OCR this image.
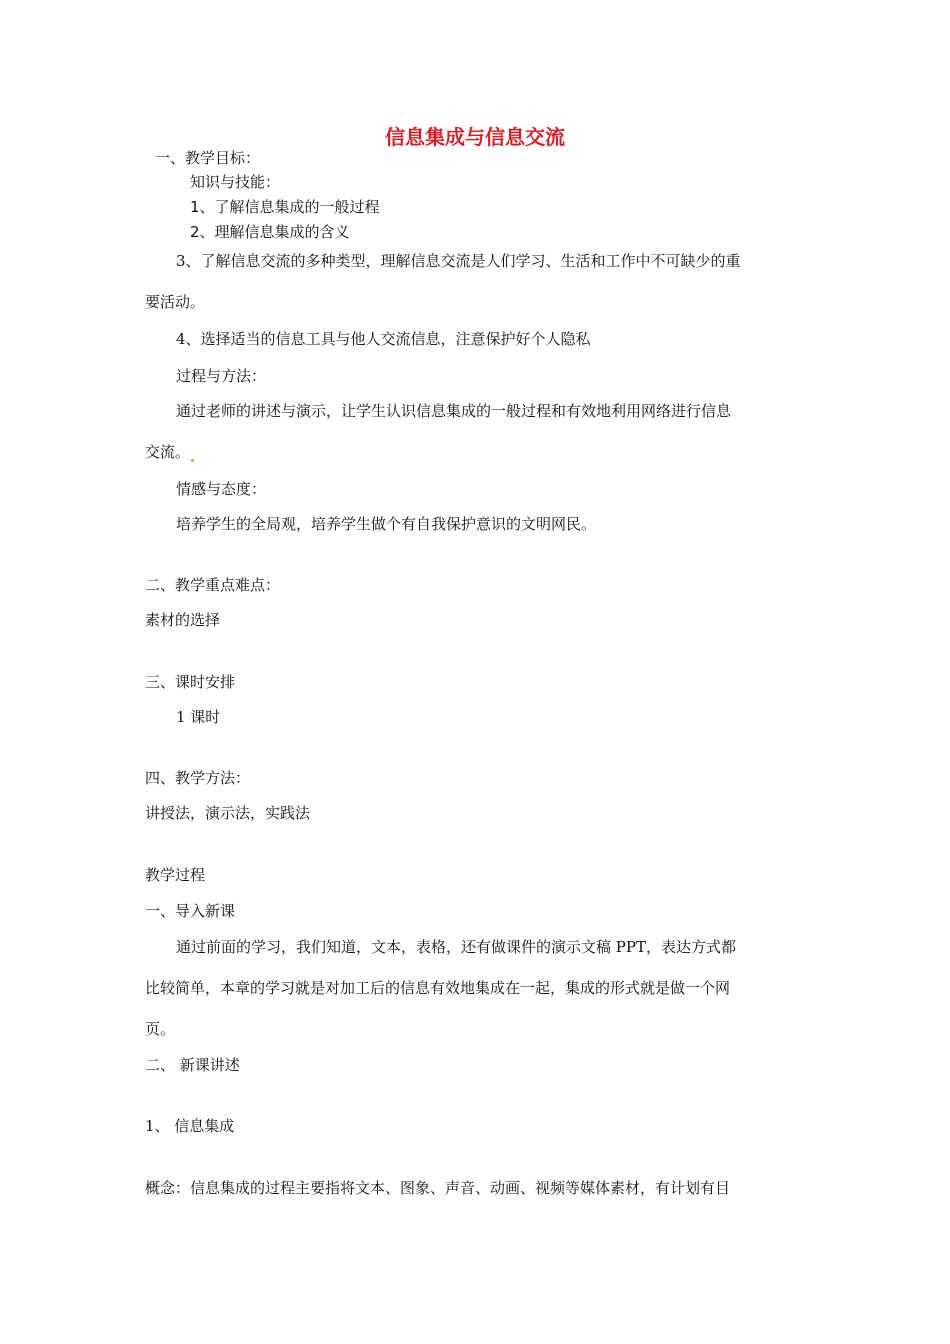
信息集成与信息交流
一、教学目标：
知识与技能：
1、了解信息集成的一般过程
2、理解信息集成的含义
3、了解信息交流的多种类型，理解信息交流是人们学习、生活和工作中不可缺少的重
要活动。
4、选择适当的信息工具与他人交流信息，注意保护好个人隐私
过程与方法：
通过老师的讲述与演示，让学生认识信息集成的一般过程和有效地利用网络进行信息
交流。
情感与态度：
培养学生的全局观，培养学生做个有自我保护意识的文明网民。
二、教学重点难点：
素材的选择
三、课时安排
1 课时
四、教学方法：
讲授法，演示法，实践法
教学过程
一、导入新课
通过前面的学习，我们知道，文本，表格，还有做课件的演示文稿 PPT，表达方式都
比较简单，本章的学习就是对加工后的信息有效地集成在一起，集成的形式就是做一个网
页。
二、 新课讲述
1、 信息集成
概念：信息集成的过程主要指将文本、图象、声音、动画、视频等媒体素材，有计划有目
